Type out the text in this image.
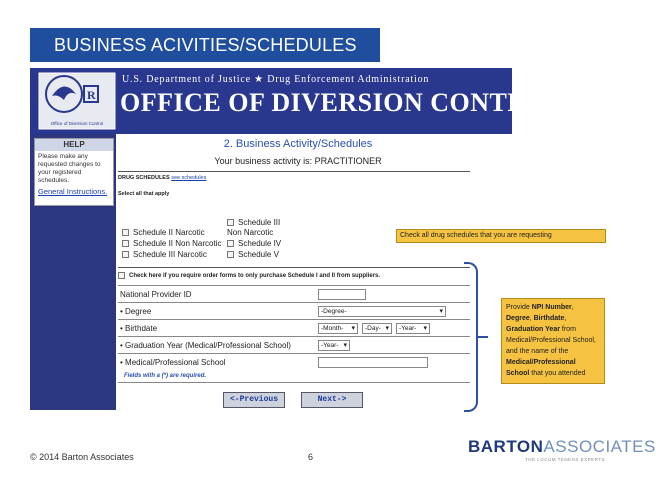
BUSINESS ACIVITIES/SCHEDULES
R
Office of Diversion Control
U.S. Department of Justice ★ Drug Enforcement Administration
OFFICE OF DIVERSION CONTROL
HELP
Please make any requested changes to your registered schedules.
General Instructions.
2. Business Activity/Schedules
Your business activity is: PRACTITIONER
DRUG SCHEDULES see schedules
Select all that apply
Schedule II Narcotic
Schedule II Non Narcotic
Schedule III Narcotic
Schedule III Non Narcotic
Schedule IV
Schedule V
Check here if you require order forms to only purchase Schedule I and II from suppliers.
National Provider ID
• Degree	-Degree- ▾
• Birthdate	-Month- ▾	-Day- ▾	-Year- ▾
• Graduation Year (Medical/Professional School)	-Year- ▾
• Medical/Professional School
Fields with a (*) are required.
<-Previous	Next->
Check all drug schedules that you are requesting
Provide NPI Number, Degree, Birthdate, Graduation Year from Medical/Professional School, and the name of the Medical/Professional School that you attended
© 2014 Barton Associates	6
BARTONASSOCIATES
THE LOCUM TENENS EXPERTS
